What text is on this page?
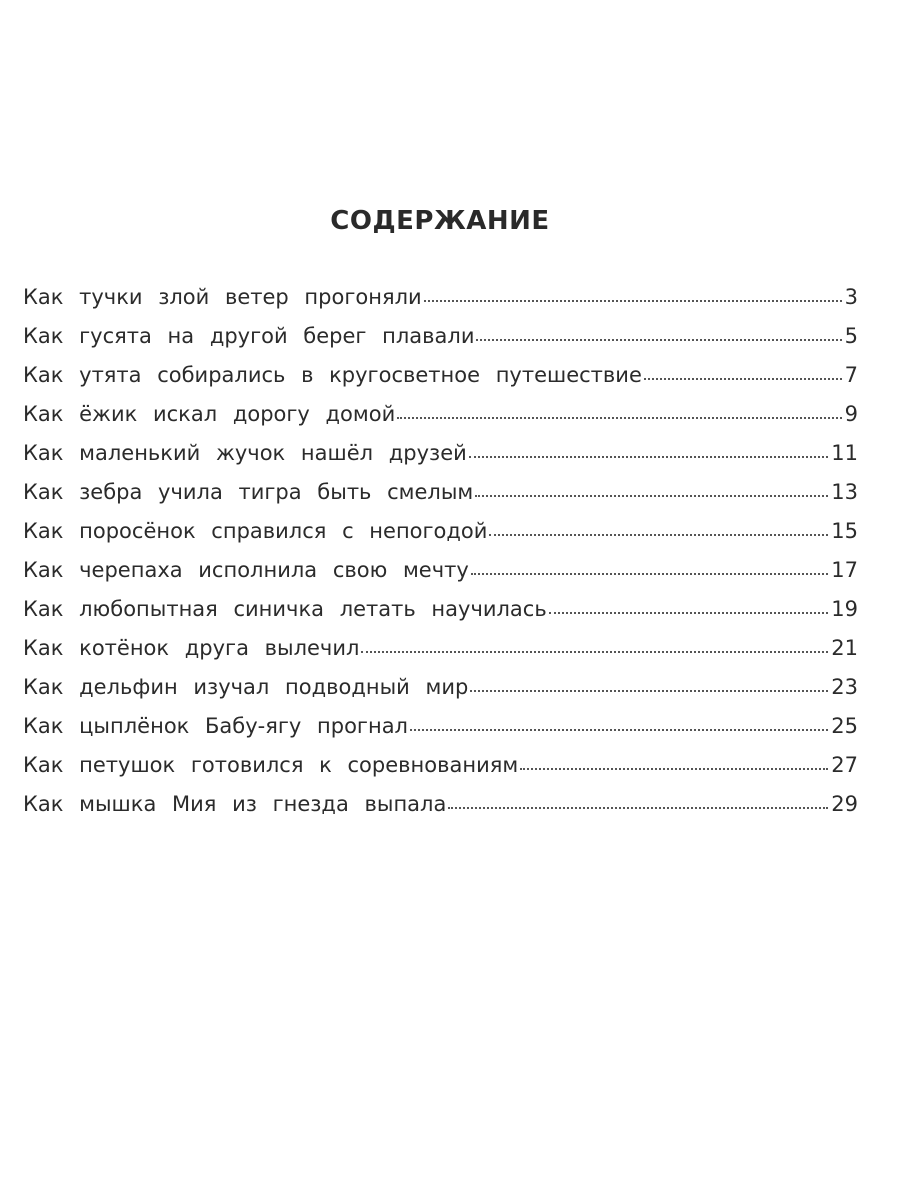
СОДЕРЖАНИЕ
Как тучки злой ветер прогоняли	3
Как гусята на другой берег плавали	5
Как утята собирались в кругосветное путешествие	7
Как ёжик искал дорогу домой	9
Как маленький жучок нашёл друзей	11
Как зебра учила тигра быть смелым	13
Как поросёнок справился с непогодой	15
Как черепаха исполнила свою мечту	17
Как любопытная синичка летать научилась	19
Как котёнок друга вылечил	21
Как дельфин изучал подводный мир	23
Как цыплёнок Бабу-ягу прогнал	25
Как петушок готовился к соревнованиям	27
Как мышка Мия из гнезда выпала	29
